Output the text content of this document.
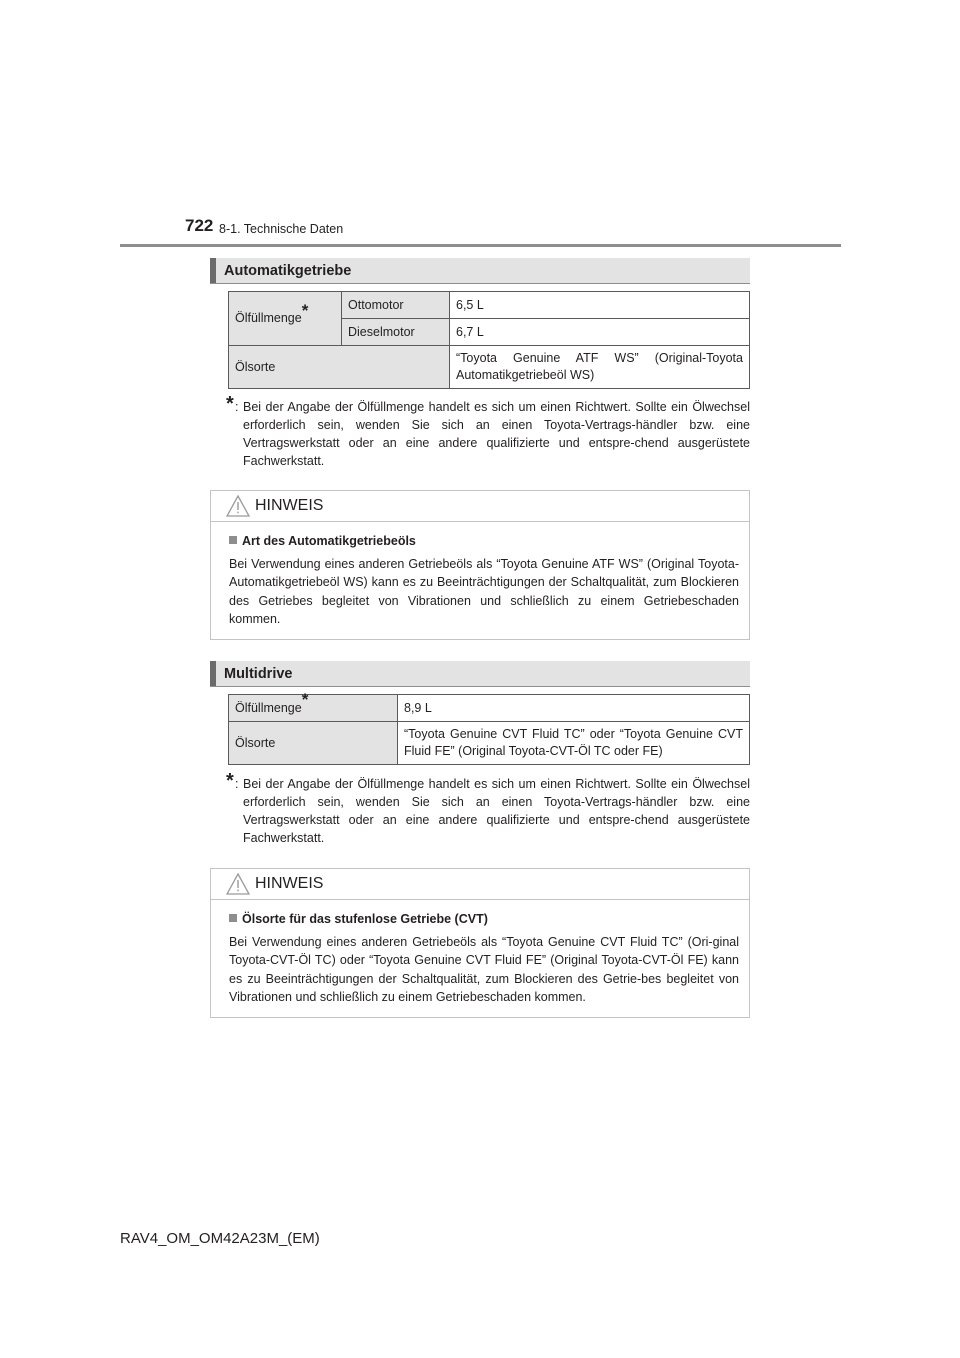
722 8-1. Technische Daten
Automatikgetriebe
Ölfüllmenge*	Ottomotor	6,5 L
	Dieselmotor	6,7 L
Ölsorte		“Toyota Genuine ATF WS” (Original-Toyota Automatikgetriebeöl WS)
* : Bei der Angabe der Ölfüllmenge handelt es sich um einen Richtwert. Sollte ein Ölwechsel erforderlich sein, wenden Sie sich an einen Toyota-Vertrags-händler bzw. eine Vertragswerkstatt oder an eine andere qualifizierte und entspre-chend ausgerüstete Fachwerkstatt.
HINWEIS
Art des Automatikgetriebeöls
Bei Verwendung eines anderen Getriebeöls als “Toyota Genuine ATF WS” (Original Toyota-Automatikgetriebeöl WS) kann es zu Beeinträchtigungen der Schaltqualität, zum Blockieren des Getriebes begleitet von Vibrationen und schließlich zu einem Getriebeschaden kommen.
Multidrive
Ölfüllmenge*	8,9 L
Ölsorte	“Toyota Genuine CVT Fluid TC” oder “Toyota Genuine CVT Fluid FE” (Original Toyota-CVT-Öl TC oder FE)
* : Bei der Angabe der Ölfüllmenge handelt es sich um einen Richtwert. Sollte ein Ölwechsel erforderlich sein, wenden Sie sich an einen Toyota-Vertrags-händler bzw. eine Vertragswerkstatt oder an eine andere qualifizierte und entspre-chend ausgerüstete Fachwerkstatt.
HINWEIS
Ölsorte für das stufenlose Getriebe (CVT)
Bei Verwendung eines anderen Getriebeöls als “Toyota Genuine CVT Fluid TC” (Ori-ginal Toyota-CVT-Öl TC) oder “Toyota Genuine CVT Fluid FE” (Original Toyota-CVT-Öl FE) kann es zu Beeinträchtigungen der Schaltqualität, zum Blockieren des Getrie-bes begleitet von Vibrationen und schließlich zu einem Getriebeschaden kommen.
RAV4_OM_OM42A23M_(EM)
